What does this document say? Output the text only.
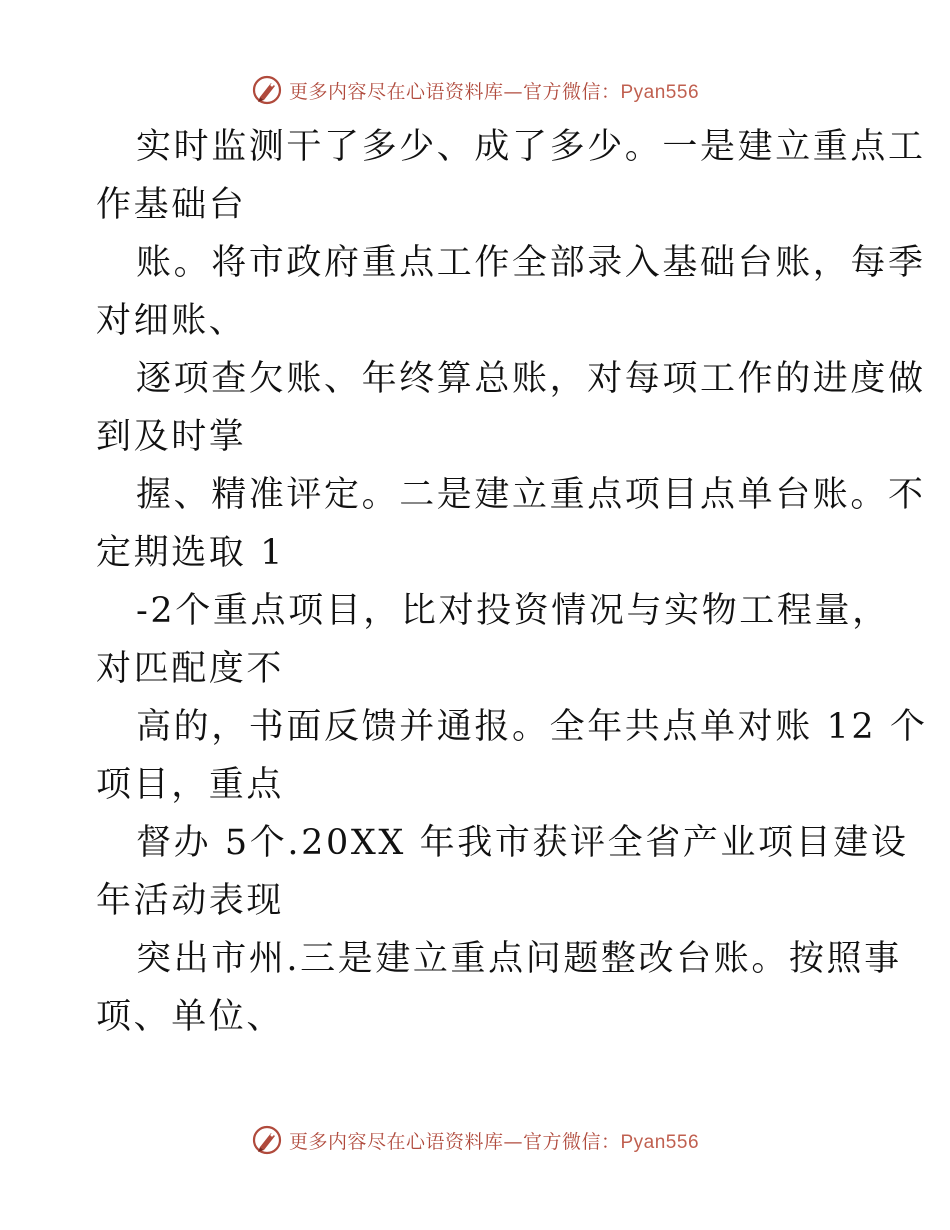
更多内容尽在心语资料库—官方微信：Pyan556
实时监测干了多少、成了多少。一是建立重点工
作基础台
账。将市政府重点工作全部录入基础台账，每季
对细账、
逐项查欠账、年终算总账，对每项工作的进度做
到及时掌
握、精准评定。二是建立重点项目点单台账。不
定期选取 1
-2个重点项目，比对投资情况与实物工程量，
对匹配度不
高的，书面反馈并通报。全年共点单对账 12 个
项目，重点
督办 5个.20XX 年我市获评全省产业项目建设
年活动表现
突出市州.三是建立重点问题整改台账。按照事
项、单位、
更多内容尽在心语资料库—官方微信：Pyan556
